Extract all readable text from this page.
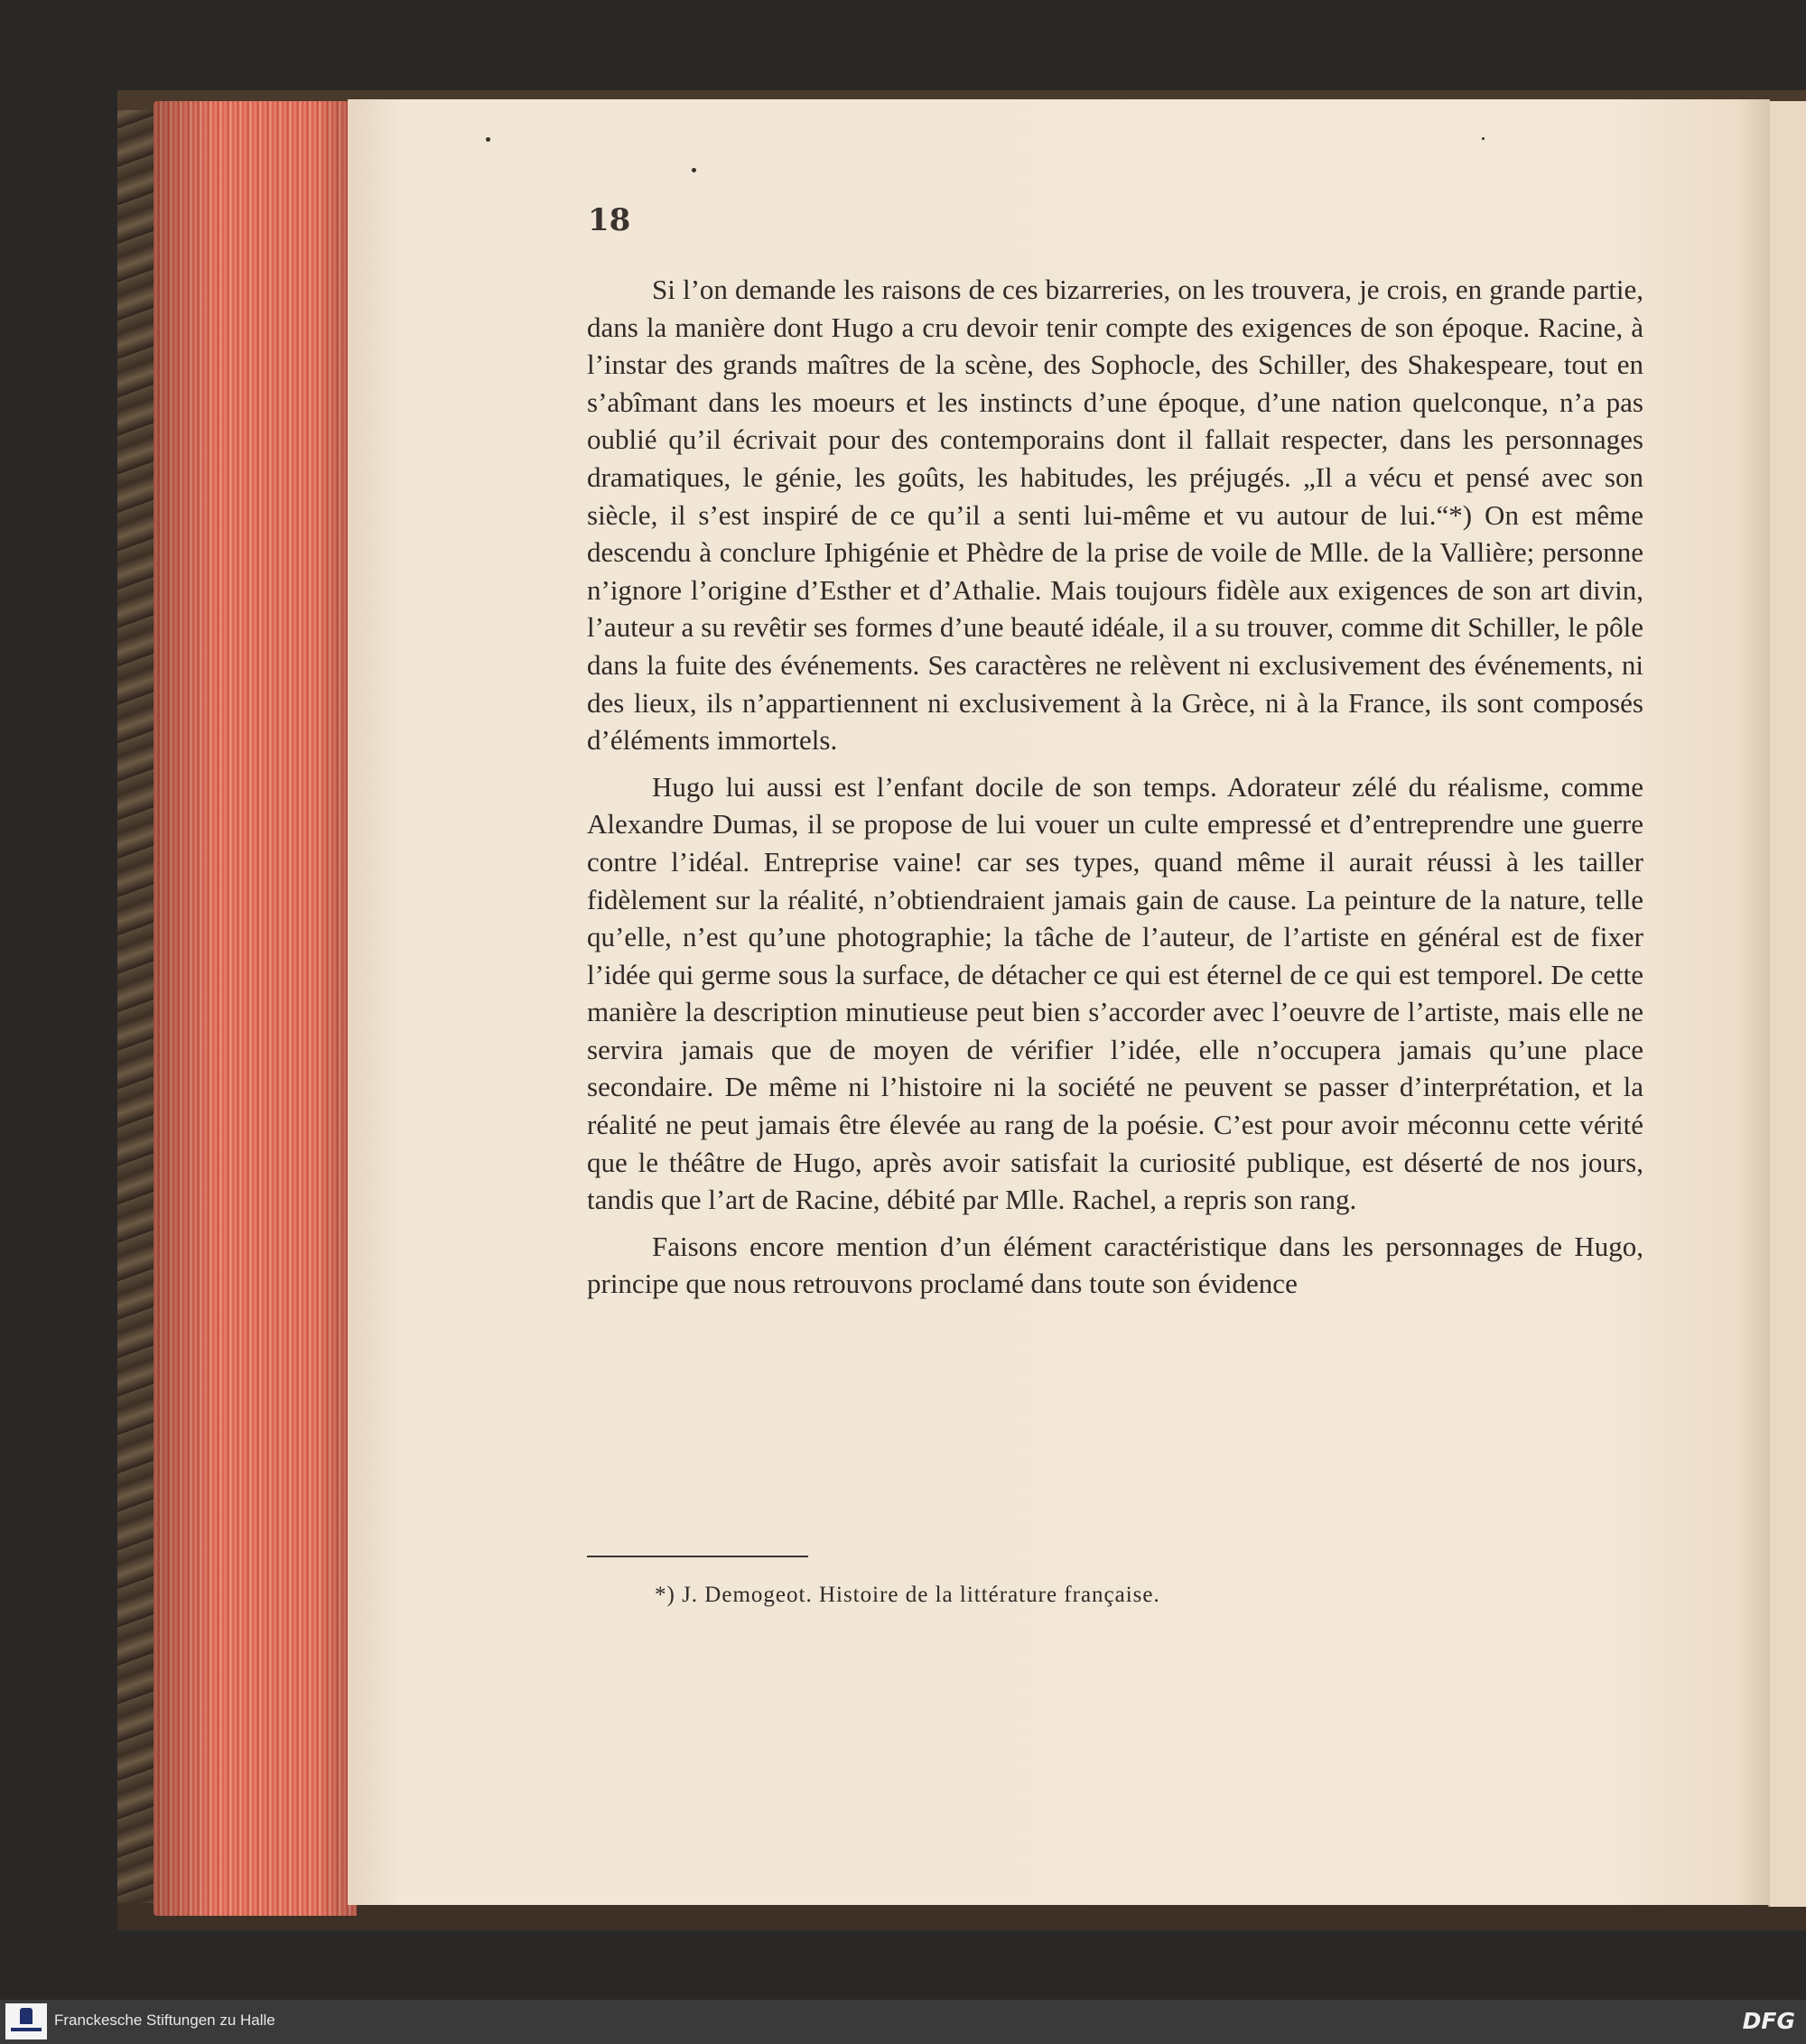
18

Si l’on demande les raisons de ces bizarreries, on les trouvera, je crois, en grande partie, dans la manière dont Hugo a cru devoir tenir compte des exigences de son époque. Racine, à l’instar des grands maîtres de la scène, des Sophocle, des Schiller, des Shakespeare, tout en s’abîmant dans les moeurs et les instincts d’une époque, d’une nation quelconque, n’a pas oublié qu’il écrivait pour des contemporains dont il fallait respecter, dans les personnages dramatiques, le génie, les goûts, les habitudes, les préjugés. „Il a vécu et pensé avec son siècle, il s’est inspiré de ce qu’il a senti lui-même et vu autour de lui.“*) On est même descendu à conclure Iphigénie et Phèdre de la prise de voile de Mlle. de la Vallière; personne n’ignore l’origine d’Esther et d’Athalie. Mais toujours fidèle aux exigences de son art divin, l’auteur a su revêtir ses formes d’une beauté idéale, il a su trouver, comme dit Schiller, le pôle dans la fuite des événements. Ses caractères ne relèvent ni exclusivement des événements, ni des lieux, ils n’appartiennent ni exclusivement à la Grèce, ni à la France, ils sont composés d’éléments immortels.

Hugo lui aussi est l’enfant docile de son temps. Adorateur zélé du réalisme, comme Alexandre Dumas, il se propose de lui vouer un culte empressé et d’entreprendre une guerre contre l’idéal. Entreprise vaine! car ses types, quand même il aurait réussi à les tailler fidèlement sur la réalité, n’obtiendraient jamais gain de cause. La peinture de la nature, telle qu’elle, n’est qu’une photographie; la tâche de l’auteur, de l’artiste en général est de fixer l’idée qui germe sous la surface, de détacher ce qui est éternel de ce qui est temporel. De cette manière la description minutieuse peut bien s’accorder avec l’oeuvre de l’artiste, mais elle ne servira jamais que de moyen de vérifier l’idée, elle n’occupera jamais qu’une place secondaire. De même ni l’histoire ni la société ne peuvent se passer d’interprétation, et la réalité ne peut jamais être élevée au rang de la poésie. C’est pour avoir méconnu cette vérité que le théâtre de Hugo, après avoir satisfait la curiosité publique, est déserté de nos jours, tandis que l’art de Racine, débité par Mlle. Rachel, a repris son rang.

Faisons encore mention d’un élément caractéristique dans les personnages de Hugo, principe que nous retrouvons proclamé dans toute son évidence

*) J. Demogeot. Histoire de la littérature française.

Franckesche Stiftungen zu Halle	DFG
